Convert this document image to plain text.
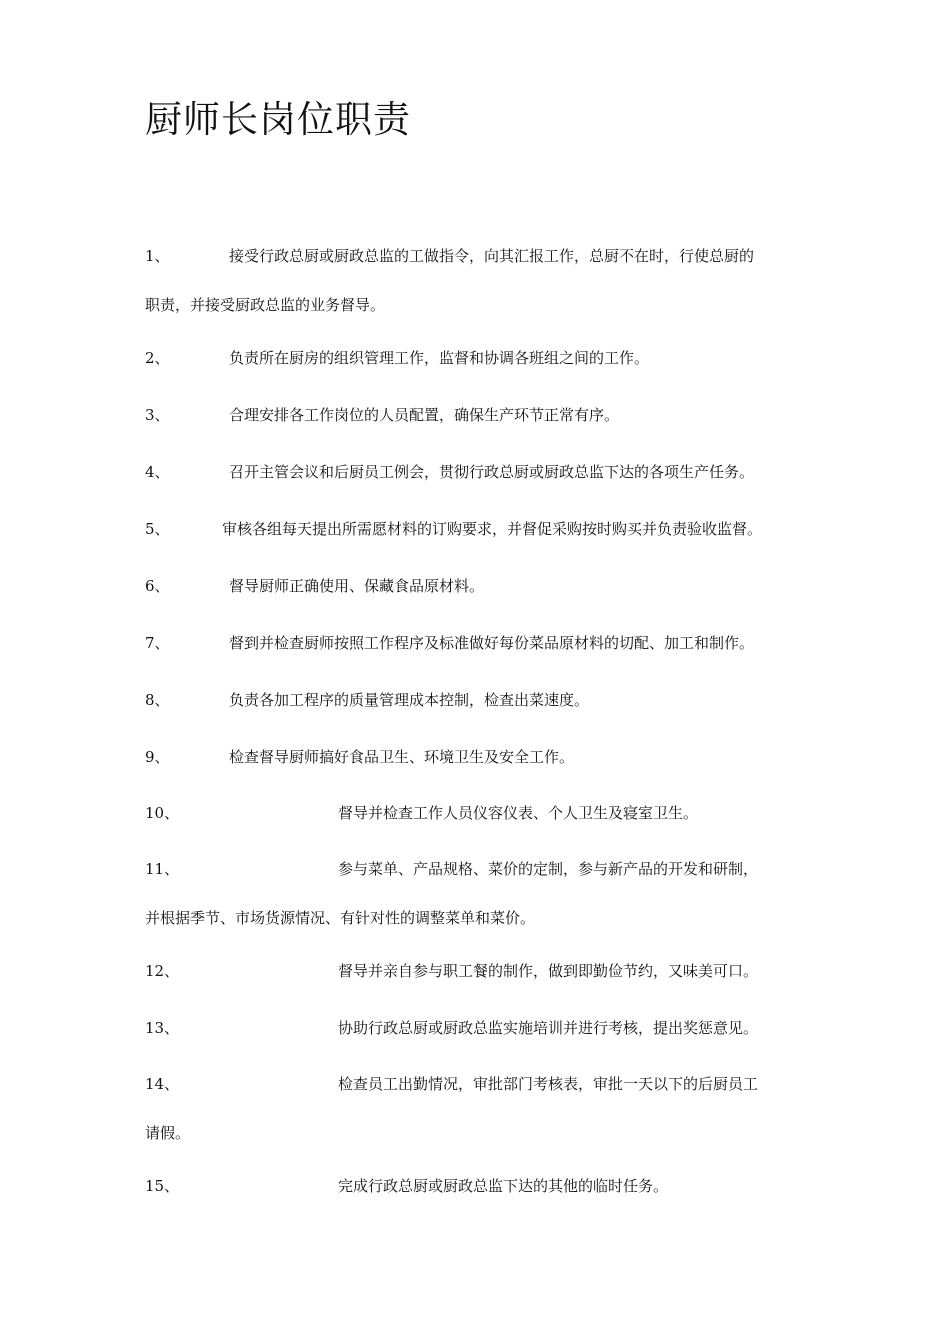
厨师长岗位职责
1、
职责，并接受厨政总监的业务督导。
接受行政总厨或厨政总监的工做指令，向其汇报工作，总厨不在时，行使总厨的
2、	负责所在厨房的组织管理工作，监督和协调各班组之间的工作。
3、	合理安排各工作岗位的人员配置，确保生产环节正常有序。
4、	召开主管会议和后厨员工例会，贯彻行政总厨或厨政总监下达的各项生产任务。
5、	审核各组每天提出所需愿材料的订购要求，并督促采购按时购买并负责验收监督。
6、	督导厨师正确使用、保藏食品原材料。
7、	督到并检查厨师按照工作程序及标准做好每份菜品原材料的切配、加工和制作。
8、	负责各加工程序的质量管理成本控制，检查出菜速度。
9、	检查督导厨师搞好食品卫生、环境卫生及安全工作。
10、	督导并检查工作人员仪容仪表、个人卫生及寝室卫生。
11、
并根据季节、市场货源情况、有针对性的调整菜单和菜价。
参与菜单、产品规格、菜价的定制，参与新产品的开发和研制，
12、	督导并亲自参与职工餐的制作，做到即勤俭节约，又味美可口。
13、	协助行政总厨或厨政总监实施培训并进行考核，提出奖惩意见。
14、
请假。
检查员工出勤情况，审批部门考核表，审批一天以下的后厨员工
15、	完成行政总厨或厨政总监下达的其他的临时任务。
